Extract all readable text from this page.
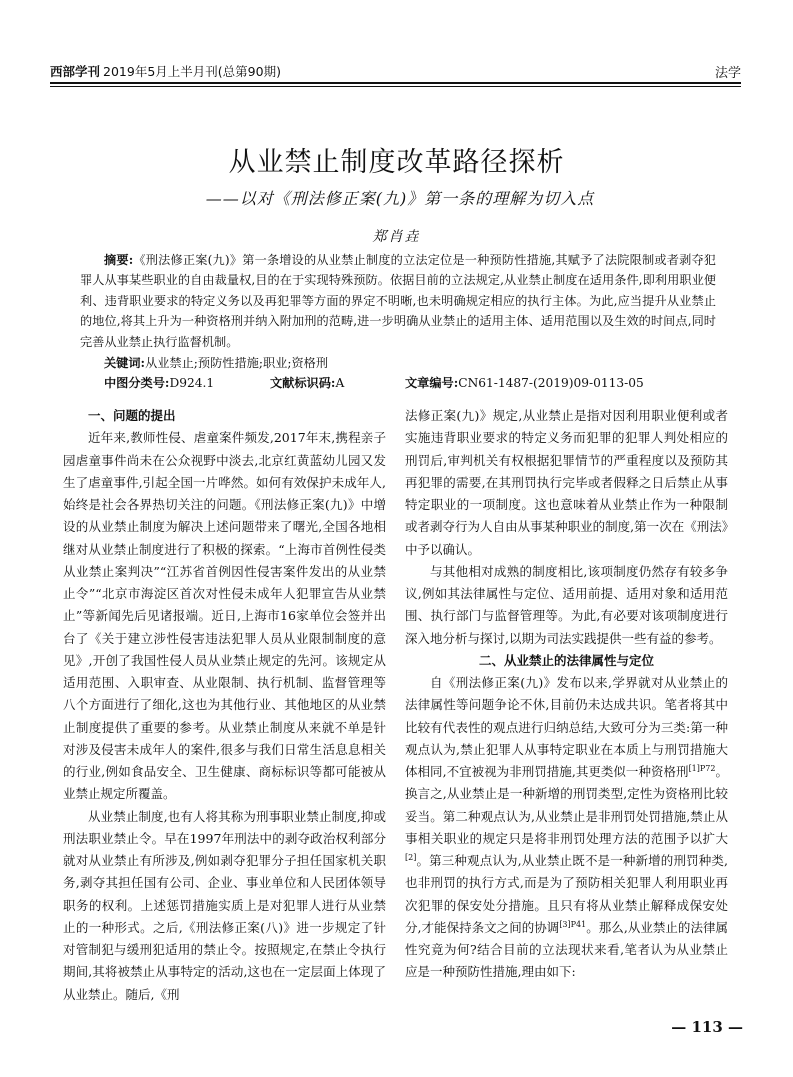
西部学刊 2019年5月上半月刊(总第90期)	法学
从业禁止制度改革路径探析
——以对《刑法修正案(九)》第一条的理解为切入点
郑肖垚
摘要:《刑法修正案(九)》第一条增设的从业禁止制度的立法定位是一种预防性措施,其赋予了法院限制或者剥夺犯罪人从事某些职业的自由裁量权,目的在于实现特殊预防。依据目前的立法规定,从业禁止制度在适用条件,即利用职业便利、违背职业要求的特定义务以及再犯罪等方面的界定不明晰,也未明确规定相应的执行主体。为此,应当提升从业禁止的地位,将其上升为一种资格刑并纳入附加刑的范畴,进一步明确从业禁止的适用主体、适用范围以及生效的时间点,同时完善从业禁止执行监督机制。
关键词:从业禁止;预防性措施;职业;资格刑
中图分类号:D924.1	文献标识码:A	文章编号:CN61-1487-(2019)09-0113-05
一、问题的提出

近年来,教师性侵、虐童案件频发,2017年末,携程亲子园虐童事件尚未在公众视野中淡去,北京红黄蓝幼儿园又发生了虐童事件,引起全国一片哗然。如何有效保护未成年人,始终是社会各界热切关注的问题。《刑法修正案(九)》中增设的从业禁止制度为解决上述问题带来了曙光,全国各地相继对从业禁止制度进行了积极的探索。“上海市首例性侵类从业禁止案判决”“江苏省首例因性侵害案件发出的从业禁止令”“北京市海淀区首次对性侵未成年人犯罪宣告从业禁止”等新闻先后见诸报端。近日,上海市16家单位会签并出台了《关于建立涉性侵害违法犯罪人员从业限制制度的意见》,开创了我国性侵人员从业禁止规定的先河。该规定从适用范围、入职审查、从业限制、执行机制、监督管理等八个方面进行了细化,这也为其他行业、其他地区的从业禁止制度提供了重要的参考。从业禁止制度从来就不单是针对涉及侵害未成年人的案件,很多与我们日常生活息息相关的行业,例如食品安全、卫生健康、商标标识等都可能被从业禁止规定所覆盖。

从业禁止制度,也有人将其称为刑事职业禁止制度,抑或刑法职业禁止令。早在1997年刑法中的剥夺政治权利部分就对从业禁止有所涉及,例如剥夺犯罪分子担任国家机关职务,剥夺其担任国有公司、企业、事业单位和人民团体领导职务的权利。上述惩罚措施实质上是对犯罪人进行从业禁止的一种形式。之后,《刑法修正案(八)》进一步规定了针对管制犯与缓刑犯适用的禁止令。按照规定,在禁止令执行期间,其将被禁止从事特定的活动,这也在一定层面上体现了从业禁止。随后,《刑

法修正案(九)》规定,从业禁止是指对因利用职业便利或者实施违背职业要求的特定义务而犯罪的犯罪人判处相应的刑罚后,审判机关有权根据犯罪情节的严重程度以及预防其再犯罪的需要,在其刑罚执行完毕或者假释之日后禁止从事特定职业的一项制度。这也意味着从业禁止作为一种限制或者剥夺行为人自由从事某种职业的制度,第一次在《刑法》中予以确认。

与其他相对成熟的制度相比,该项制度仍然存有较多争议,例如其法律属性与定位、适用前提、适用对象和适用范围、执行部门与监督管理等。为此,有必要对该项制度进行深入地分析与探讨,以期为司法实践提供一些有益的参考。

二、从业禁止的法律属性与定位

自《刑法修正案(九)》发布以来,学界就对从业禁止的法律属性等问题争论不休,目前仍未达成共识。笔者将其中比较有代表性的观点进行归纳总结,大致可分为三类:第一种观点认为,禁止犯罪人从事特定职业在本质上与刑罚措施大体相同,不宜被视为非刑罚措施,其更类似一种资格刑$^{[1]P72}$。换言之,从业禁止是一种新增的刑罚类型,定性为资格刑比较妥当。第二种观点认为,从业禁止是非刑罚处罚措施,禁止从事相关职业的规定只是将非刑罚处理方法的范围予以扩大[2]。第三种观点认为,从业禁止既不是一种新增的刑罚种类,也非刑罚的执行方式,而是为了预防相关犯罪人利用职业再次犯罪的保安处分措施。且只有将从业禁止解释成保安处分,才能保持条文之间的协调$^{[3]P41}$。那么,从业禁止的法律属性究竟为何?结合目前的立法现状来看,笔者认为从业禁止应是一种预防性措施,理由如下:

— 113 —
